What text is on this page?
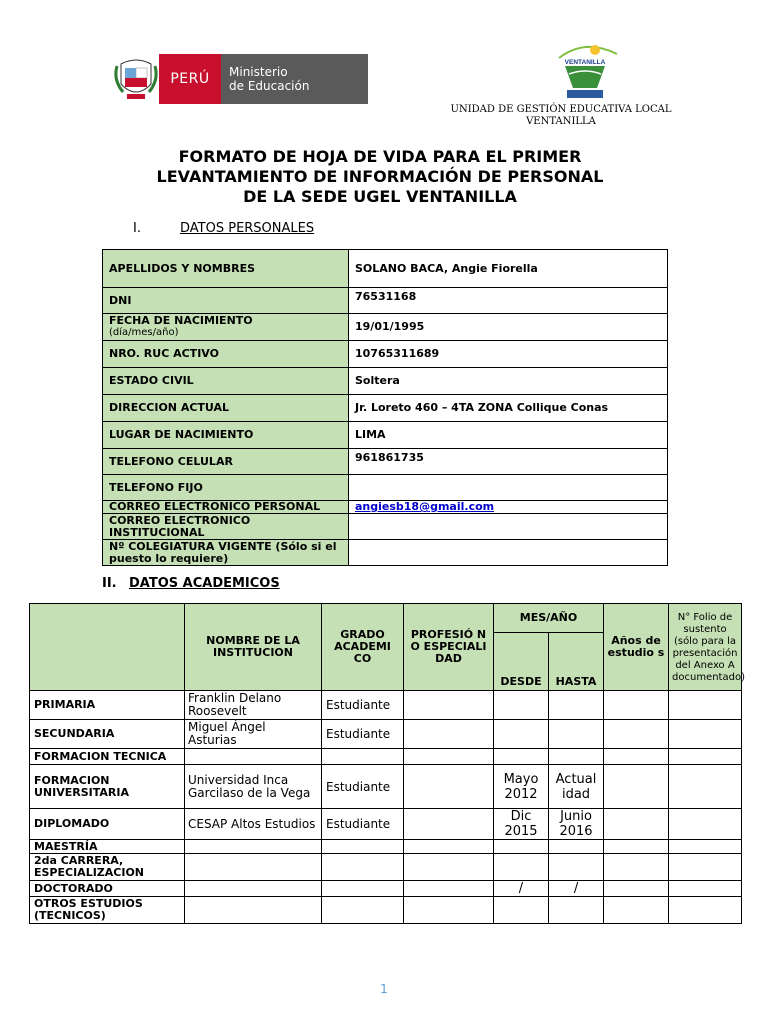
PERÚ	Ministerio
de Educación
VENTANILLA
UNIDAD DE GESTIÓN EDUCATIVA LOCAL
VENTANILLA
FORMATO DE HOJA DE VIDA PARA EL PRIMER
LEVANTAMIENTO DE INFORMACIÓN DE PERSONAL
DE LA SEDE UGEL VENTANILLA
I.	DATOS PERSONALES
APELLIDOS Y NOMBRES	SOLANO BACA, Angie Fiorella
DNI	76531168

FECHA DE NACIMIENTO
(día/mes/año)	19/01/1995
NRO. RUC ACTIVO	10765311689
ESTADO CIVIL	Soltera
DIRECCION ACTUAL	Jr. Loreto 460 – 4TA ZONA Collique Conas
LUGAR DE NACIMIENTO	LIMA
TELEFONO CELULAR	961861735
TELEFONO FIJO	
CORREO ELECTRONICO PERSONAL	angiesb18@gmail.com
CORREO ELECTRONICO INSTITUCIONAL	
Nº COLEGIATURA VIGENTE (Sólo si el puesto lo requiere)	
II. DATOS ACADEMICOS
	NOMBRE DE LA INSTITUCION	GRADO ACADEMI CO	PROFESIÓ N O ESPECIALI DAD	MES/AÑO		Años de estudio s	N° Folio de sustento (sólo para la presentación del Anexo A documentado)
				DESDE	HASTA		
PRIMARIA	Franklin Delano Roosevelt	Estudiante					
SECUNDARIA	Miguel Ángel Asturias	Estudiante					
FORMACION TECNICA							
FORMACION UNIVERSITARIA	Universidad Inca Garcilaso de la Vega	Estudiante		Mayo 2012	Actual idad		
DIPLOMADO	CESAP Altos Estudios	Estudiante		Dic 2015	Junio 2016		
MAESTRÍA							
2da CARRERA, ESPECIALIZACION							
DOCTORADO				/	/		
OTROS ESTUDIOS (TECNICOS)							
1
